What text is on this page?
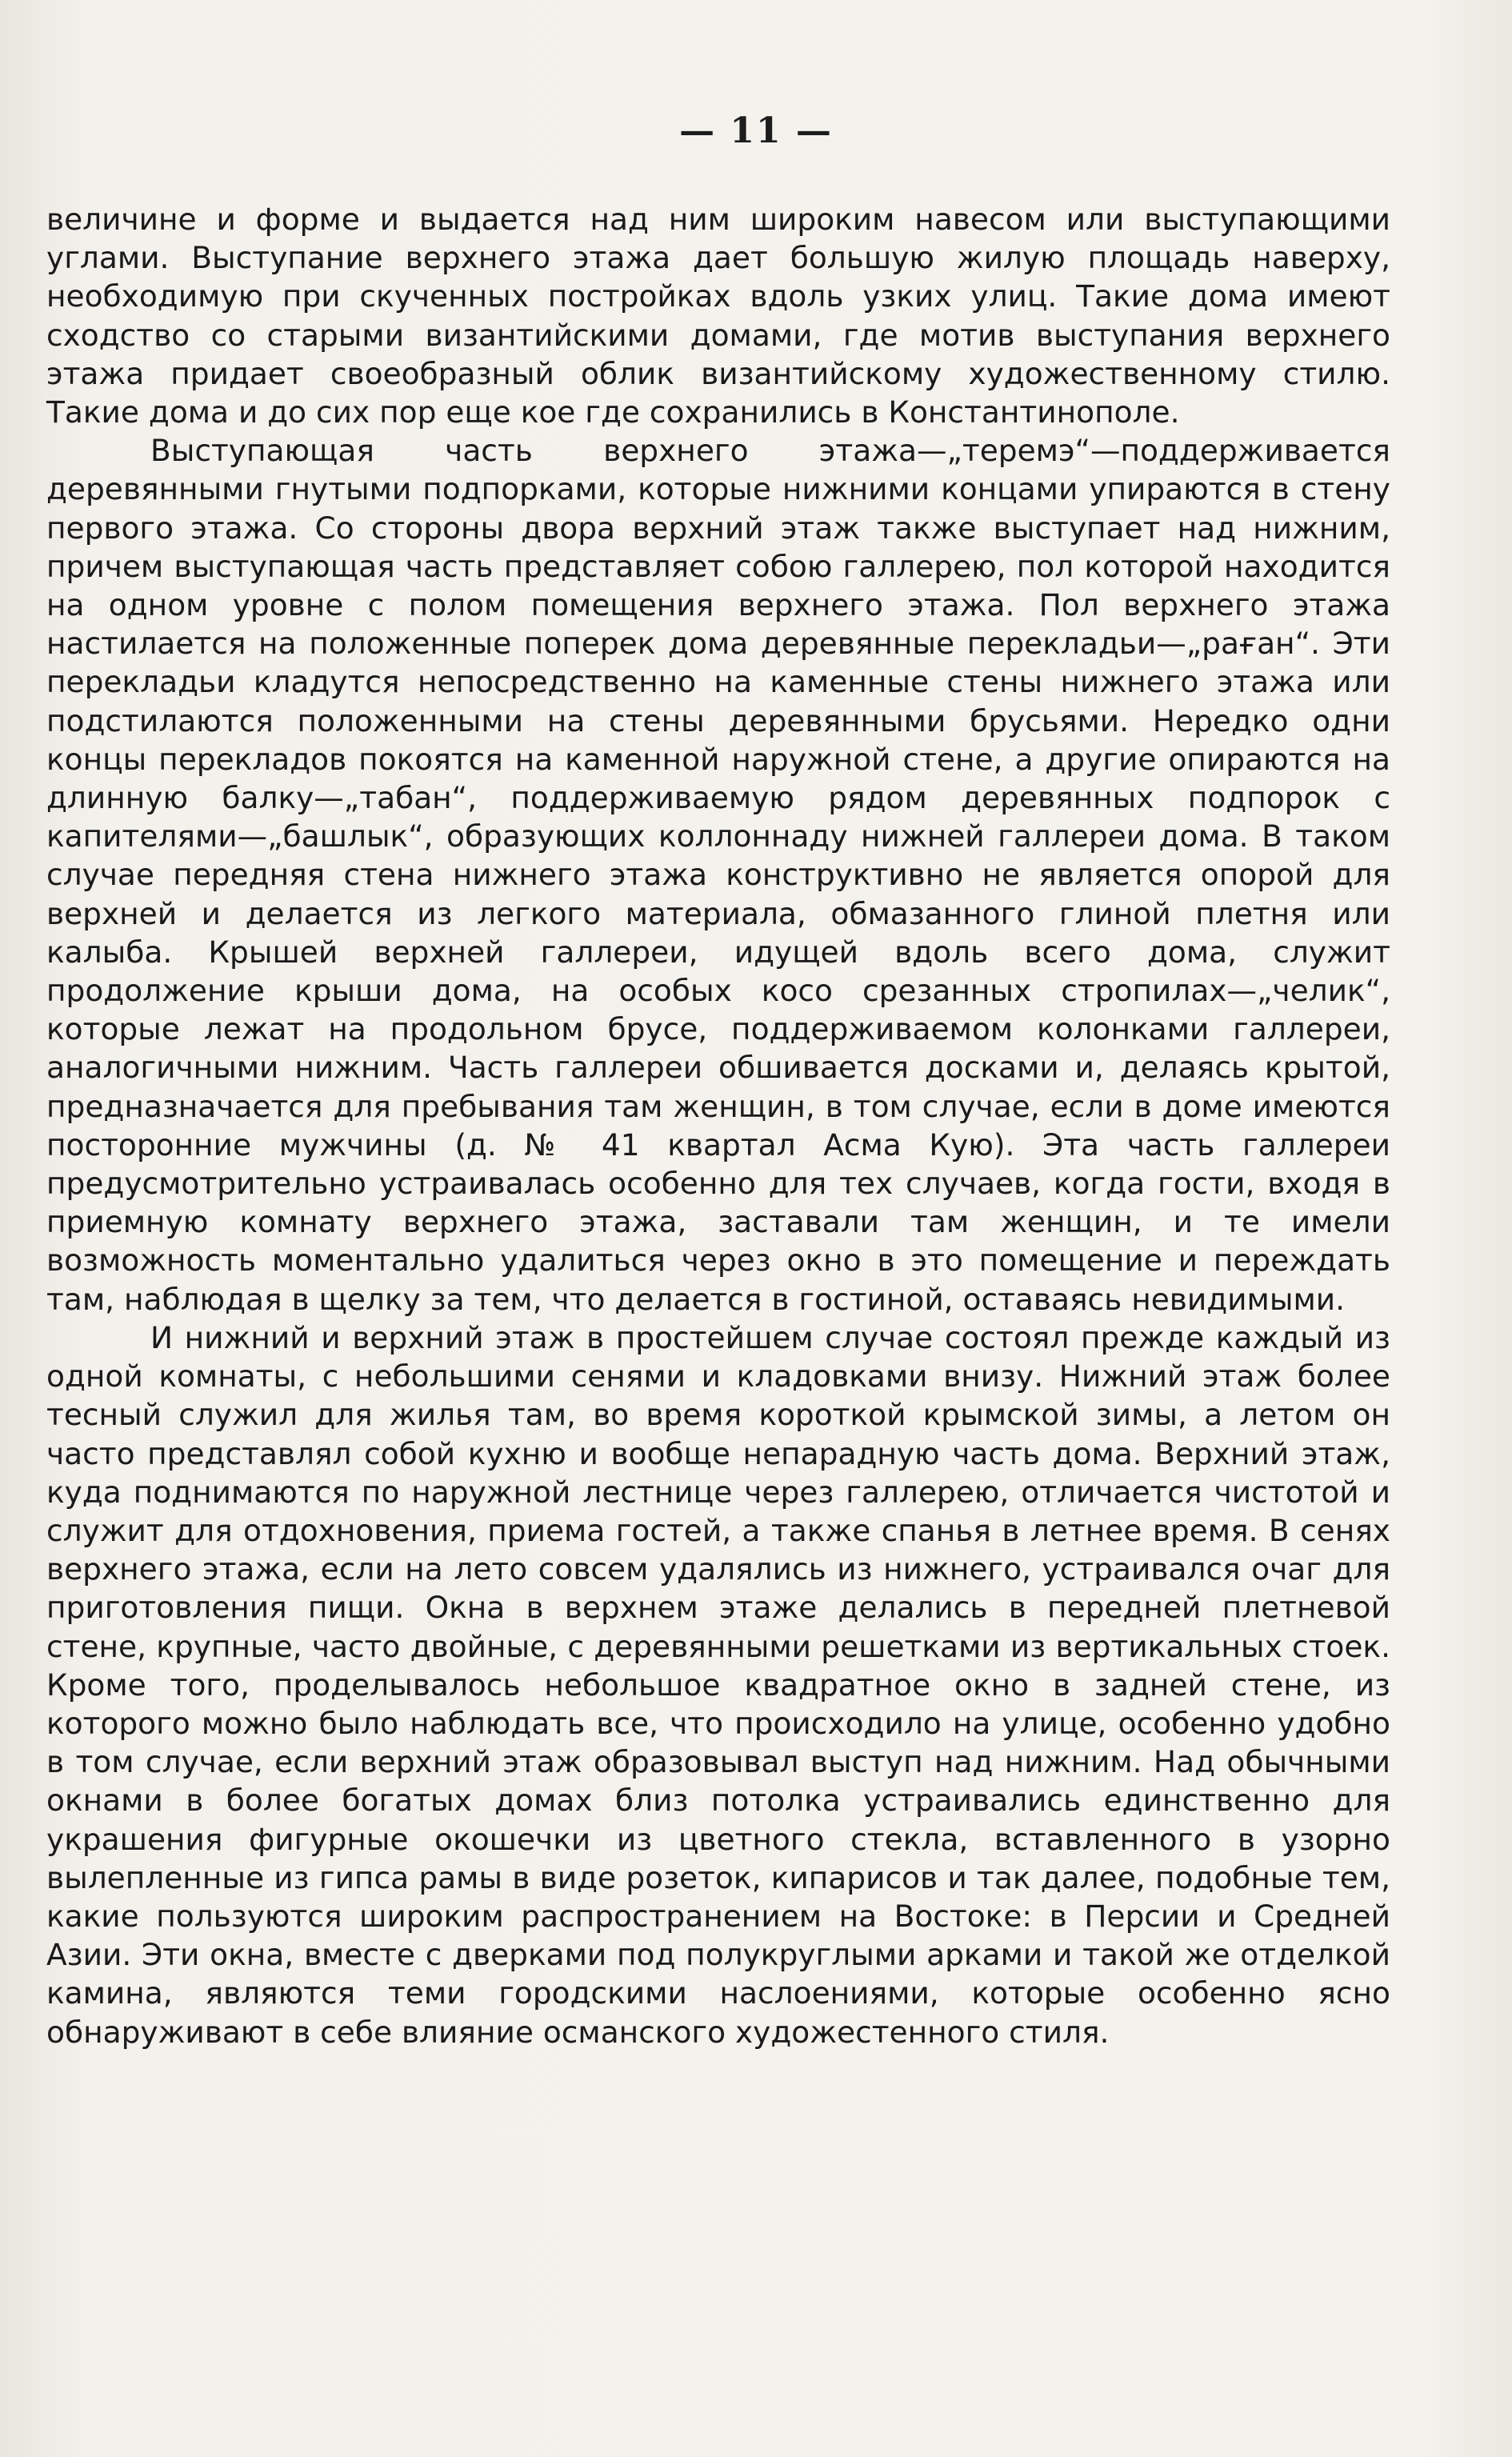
— 11 —

величине и форме и выдается над ним широким навесом или выступающими углами. Выступание верхнего этажа дает большую жилую площадь наверху, необходимую при скученных постройках вдоль узких улиц. Такие дома имеют сходство со старыми византийскими домами, где мотив выступания верхнего этажа придает своеобразный облик византийскому художественному стилю. Такие дома и до сих пор еще кое где сохранились в Константинополе.

Выступающая часть верхнего этажа—„теремэ“—поддерживается деревянными гнутыми подпорками, которые нижними концами упираются в стену первого этажа. Со стороны двора верхний этаж также выступает над нижним, причем выступающая часть представляет собою галлерею, пол которой находится на одном уровне с полом помещения верхнего этажа. Пол верхнего этажа настилается на положенные поперек дома деревянные перекладьи—„раған“. Эти перекладьи кладутся непосредственно на каменные стены нижнего этажа или подстилаются положенными на стены деревянными брусьями. Нередко одни концы перекладов покоятся на каменной наружной стене, а другие опираются на длинную балку—„табан“, поддерживаемую рядом деревянных подпорок с капителями—„башлык“, образующих коллоннаду нижней галлереи дома. В таком случае передняя стена нижнего этажа конструктивно не является опорой для верхней и делается из легкого материала, обмазанного глиной плетня или калыба. Крышей верхней галлереи, идущей вдоль всего дома, служит продолжение крыши дома, на особых косо срезанных стропилах—„челик“, которые лежат на продольном брусе, поддерживаемом колонками галлереи, аналогичными нижним. Часть галлереи обшивается досками и, делаясь крытой, предназначается для пребывания там женщин, в том случае, если в доме имеются посторонние мужчины (д. № 41 квартал Асма Кую). Эта часть галлереи предусмотрительно устраивалась особенно для тех случаев, когда гости, входя в приемную комнату верхнего этажа, заставали там женщин, и те имели возможность моментально удалиться через окно в это помещение и переждать там, наблюдая в щелку за тем, что делается в гостиной, оставаясь невидимыми.

И нижний и верхний этаж в простейшем случае состоял прежде каждый из одной комнаты, с небольшими сенями и кладовками внизу. Нижний этаж более тесный служил для жилья там, во время короткой крымской зимы, а летом он часто представлял собой кухню и вообще непарадную часть дома. Верхний этаж, куда поднимаются по наружной лестнице через галлерею, отличается чистотой и служит для отдохновения, приема гостей, а также спанья в летнее время. В сенях верхнего этажа, если на лето совсем удалялись из нижнего, устраивался очаг для приготовления пищи. Окна в верхнем этаже делались в передней плетневой стене, крупные, часто двойные, с деревянными решетками из вертикальных стоек. Кроме того, проделывалось небольшое квадратное окно в задней стене, из которого можно было наблюдать все, что происходило на улице, особенно удобно в том случае, если верхний этаж образовывал выступ над нижним. Над обычными окнами в более богатых домах близ потолка устраивались единственно для украшения фигурные окошечки из цветного стекла, вставленного в узорно вылепленные из гипса рамы в виде розеток, кипарисов и так далее, подобные тем, какие пользуются широким распространением на Востоке: в Персии и Средней Азии. Эти окна, вместе с дверками под полукруглыми арками и такой же отделкой камина, являются теми городскими наслоениями, которые особенно ясно обнаруживают в себе влияние османского художестенного стиля.
